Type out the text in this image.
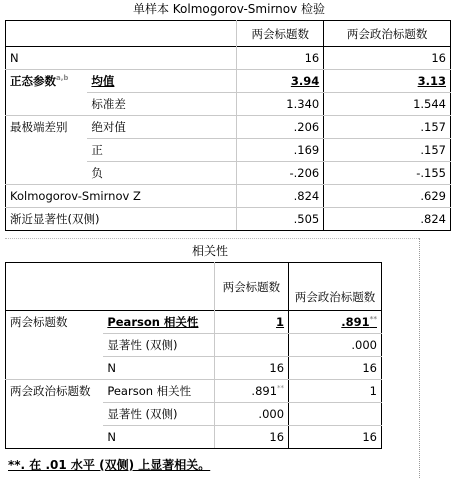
单样本 Kolmogorov-Smirnov 检验
		两会标题数	两会政治标题数
N		16	16
正态参数$^{a,b}$	均值	3.94	3.13
	标准差	1.340	1.544
最极端差别	绝对值	.206	.157
	正	.169	.157
	负	-.206	-.155
Kolmogorov-Smirnov Z		.824	.629
渐近显著性(双侧)		.505	.824
相关性
		两会标题数	两会政治标题数
两会标题数	Pearson 相关性	1	.891**
	显著性 (双侧)		.000
	N	16	16
两会政治标题数	Pearson 相关性	.891**	1
	显著性 (双侧)	.000	
	N	16	16
**. 在 .01 水平 (双侧) 上显著相关。
